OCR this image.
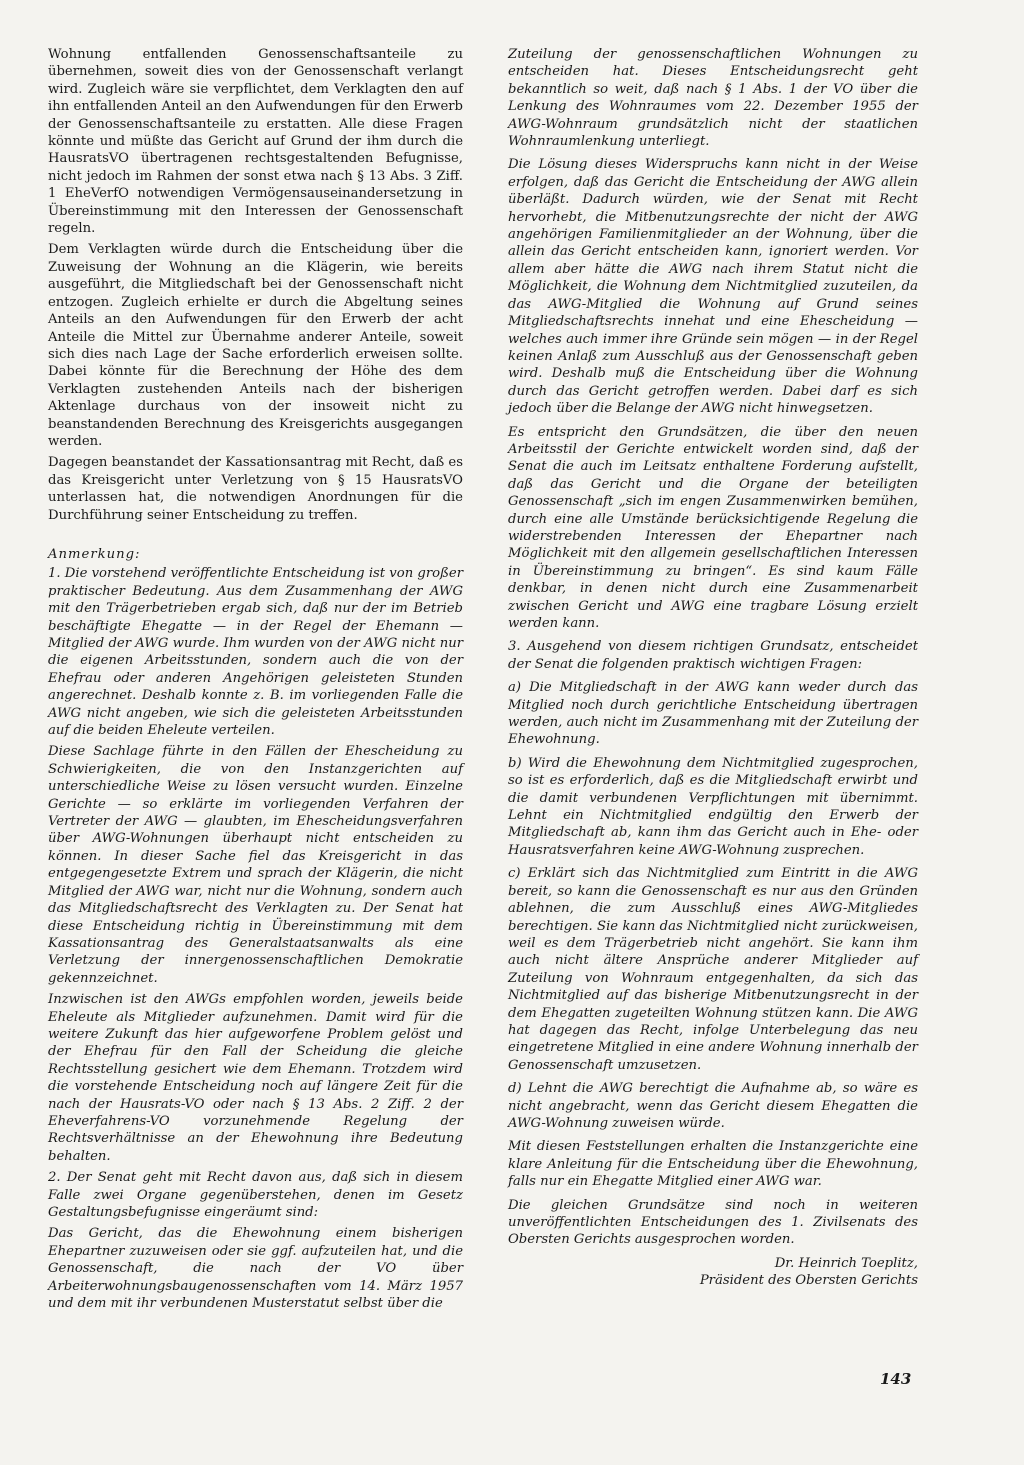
Wohnung entfallenden Genossenschaftsanteile zu übernehmen, soweit dies von der Genossenschaft verlangt wird. Zugleich wäre sie verpflichtet, dem Verklagten den auf ihn entfallenden Anteil an den Aufwendungen für den Erwerb der Genossenschaftsanteile zu erstatten. Alle diese Fragen könnte und müßte das Gericht auf Grund der ihm durch die HausratsVO übertragenen rechtsgestaltenden Befugnisse, nicht jedoch im Rahmen der sonst etwa nach § 13 Abs. 3 Ziff. 1 EheVerfO notwendigen Vermögensauseinandersetzung in Übereinstimmung mit den Interessen der Genossenschaft regeln.

Dem Verklagten würde durch die Entscheidung über die Zuweisung der Wohnung an die Klägerin, wie bereits ausgeführt, die Mitgliedschaft bei der Genossenschaft nicht entzogen. Zugleich erhielte er durch die Abgeltung seines Anteils an den Aufwendungen für den Erwerb der acht Anteile die Mittel zur Übernahme anderer Anteile, soweit sich dies nach Lage der Sache erforderlich erweisen sollte. Dabei könnte für die Berechnung der Höhe des dem Verklagten zustehenden Anteils nach der bisherigen Aktenlage durchaus von der insoweit nicht zu beanstandenden Berechnung des Kreisgerichts ausgegangen werden.

Dagegen beanstandet der Kassationsantrag mit Recht, daß es das Kreisgericht unter Verletzung von § 15 HausratsVO unterlassen hat, die notwendigen Anordnungen für die Durchführung seiner Entscheidung zu treffen.

Anmerkung:

1. Die vorstehend veröffentlichte Entscheidung ist von großer praktischer Bedeutung. Aus dem Zusammenhang der AWG mit den Trägerbetrieben ergab sich, daß nur der im Betrieb beschäftigte Ehegatte — in der Regel der Ehemann — Mitglied der AWG wurde. Ihm wurden von der AWG nicht nur die eigenen Arbeitsstunden, sondern auch die von der Ehefrau oder anderen Angehörigen geleisteten Stunden angerechnet. Deshalb konnte z. B. im vorliegenden Falle die AWG nicht angeben, wie sich die geleisteten Arbeitsstunden auf die beiden Eheleute verteilen.

Diese Sachlage führte in den Fällen der Ehescheidung zu Schwierigkeiten, die von den Instanzgerichten auf unterschiedliche Weise zu lösen versucht wurden. Einzelne Gerichte — so erklärte im vorliegenden Verfahren der Vertreter der AWG — glaubten, im Ehescheidungsverfahren über AWG-Wohnungen überhaupt nicht entscheiden zu können. In dieser Sache fiel das Kreisgericht in das entgegengesetzte Extrem und sprach der Klägerin, die nicht Mitglied der AWG war, nicht nur die Wohnung, sondern auch das Mitgliedschaftsrecht des Verklagten zu. Der Senat hat diese Entscheidung richtig in Übereinstimmung mit dem Kassationsantrag des Generalstaatsanwalts als eine Verletzung der innergenossenschaftlichen Demokratie gekennzeichnet.

Inzwischen ist den AWGs empfohlen worden, jeweils beide Eheleute als Mitglieder aufzunehmen. Damit wird für die weitere Zukunft das hier aufgeworfene Problem gelöst und der Ehefrau für den Fall der Scheidung die gleiche Rechtsstellung gesichert wie dem Ehemann. Trotzdem wird die vorstehende Entscheidung noch auf längere Zeit für die nach der Hausrats-VO oder nach § 13 Abs. 2 Ziff. 2 der Eheverfahrens-VO vorzunehmende Regelung der Rechtsverhältnisse an der Ehewohnung ihre Bedeutung behalten.

2. Der Senat geht mit Recht davon aus, daß sich in diesem Falle zwei Organe gegenüberstehen, denen im Gesetz Gestaltungsbefugnisse eingeräumt sind:

Das Gericht, das die Ehewohnung einem bisherigen Ehepartner zuzuweisen oder sie ggf. aufzuteilen hat, und die Genossenschaft, die nach der VO über Arbeiterwohnungsbaugenossenschaften vom 14. März 1957 und dem mit ihr verbundenen Musterstatut selbst über die

Zuteilung der genossenschaftlichen Wohnungen zu entscheiden hat. Dieses Entscheidungsrecht geht bekanntlich so weit, daß nach § 1 Abs. 1 der VO über die Lenkung des Wohnraumes vom 22. Dezember 1955 der AWG-Wohnraum grundsätzlich nicht der staatlichen Wohnraumlenkung unterliegt.

Die Lösung dieses Widerspruchs kann nicht in der Weise erfolgen, daß das Gericht die Entscheidung der AWG allein überläßt. Dadurch würden, wie der Senat mit Recht hervorhebt, die Mitbenutzungsrechte der nicht der AWG angehörigen Familienmitglieder an der Wohnung, über die allein das Gericht entscheiden kann, ignoriert werden. Vor allem aber hätte die AWG nach ihrem Statut nicht die Möglichkeit, die Wohnung dem Nichtmitglied zuzuteilen, da das AWG-Mitglied die Wohnung auf Grund seines Mitgliedschaftsrechts innehat und eine Ehescheidung — welches auch immer ihre Gründe sein mögen — in der Regel keinen Anlaß zum Ausschluß aus der Genossenschaft geben wird. Deshalb muß die Entscheidung über die Wohnung durch das Gericht getroffen werden. Dabei darf es sich jedoch über die Belange der AWG nicht hinwegsetzen.

Es entspricht den Grundsätzen, die über den neuen Arbeitsstil der Gerichte entwickelt worden sind, daß der Senat die auch im Leitsatz enthaltene Forderung aufstellt, daß das Gericht und die Organe der beteiligten Genossenschaft „sich im engen Zusammenwirken bemühen, durch eine alle Umstände berücksichtigende Regelung die widerstrebenden Interessen der Ehepartner nach Möglichkeit mit den allgemein gesellschaftlichen Interessen in Übereinstimmung zu bringen“. Es sind kaum Fälle denkbar, in denen nicht durch eine Zusammenarbeit zwischen Gericht und AWG eine tragbare Lösung erzielt werden kann.

3. Ausgehend von diesem richtigen Grundsatz, entscheidet der Senat die folgenden praktisch wichtigen Fragen:

a) Die Mitgliedschaft in der AWG kann weder durch das Mitglied noch durch gerichtliche Entscheidung übertragen werden, auch nicht im Zusammenhang mit der Zuteilung der Ehewohnung.

b) Wird die Ehewohnung dem Nichtmitglied zugesprochen, so ist es erforderlich, daß es die Mitgliedschaft erwirbt und die damit verbundenen Verpflichtungen mit übernimmt. Lehnt ein Nichtmitglied endgültig den Erwerb der Mitgliedschaft ab, kann ihm das Gericht auch in Ehe- oder Hausratsverfahren keine AWG-Wohnung zusprechen.

c) Erklärt sich das Nichtmitglied zum Eintritt in die AWG bereit, so kann die Genossenschaft es nur aus den Gründen ablehnen, die zum Ausschluß eines AWG-Mitgliedes berechtigen. Sie kann das Nichtmitglied nicht zurückweisen, weil es dem Trägerbetrieb nicht angehört. Sie kann ihm auch nicht ältere Ansprüche anderer Mitglieder auf Zuteilung von Wohnraum entgegenhalten, da sich das Nichtmitglied auf das bisherige Mitbenutzungsrecht in der dem Ehegatten zugeteilten Wohnung stützen kann. Die AWG hat dagegen das Recht, infolge Unterbelegung das neu eingetretene Mitglied in eine andere Wohnung innerhalb der Genossenschaft umzusetzen.

d) Lehnt die AWG berechtigt die Aufnahme ab, so wäre es nicht angebracht, wenn das Gericht diesem Ehegatten die AWG-Wohnung zuweisen würde.

Mit diesen Feststellungen erhalten die Instanzgerichte eine klare Anleitung für die Entscheidung über die Ehewohnung, falls nur ein Ehegatte Mitglied einer AWG war.

Die gleichen Grundsätze sind noch in weiteren unveröffentlichten Entscheidungen des 1. Zivilsenats des Obersten Gerichts ausgesprochen worden.

Dr. Heinrich Toeplitz,
Präsident des Obersten Gerichts
143
